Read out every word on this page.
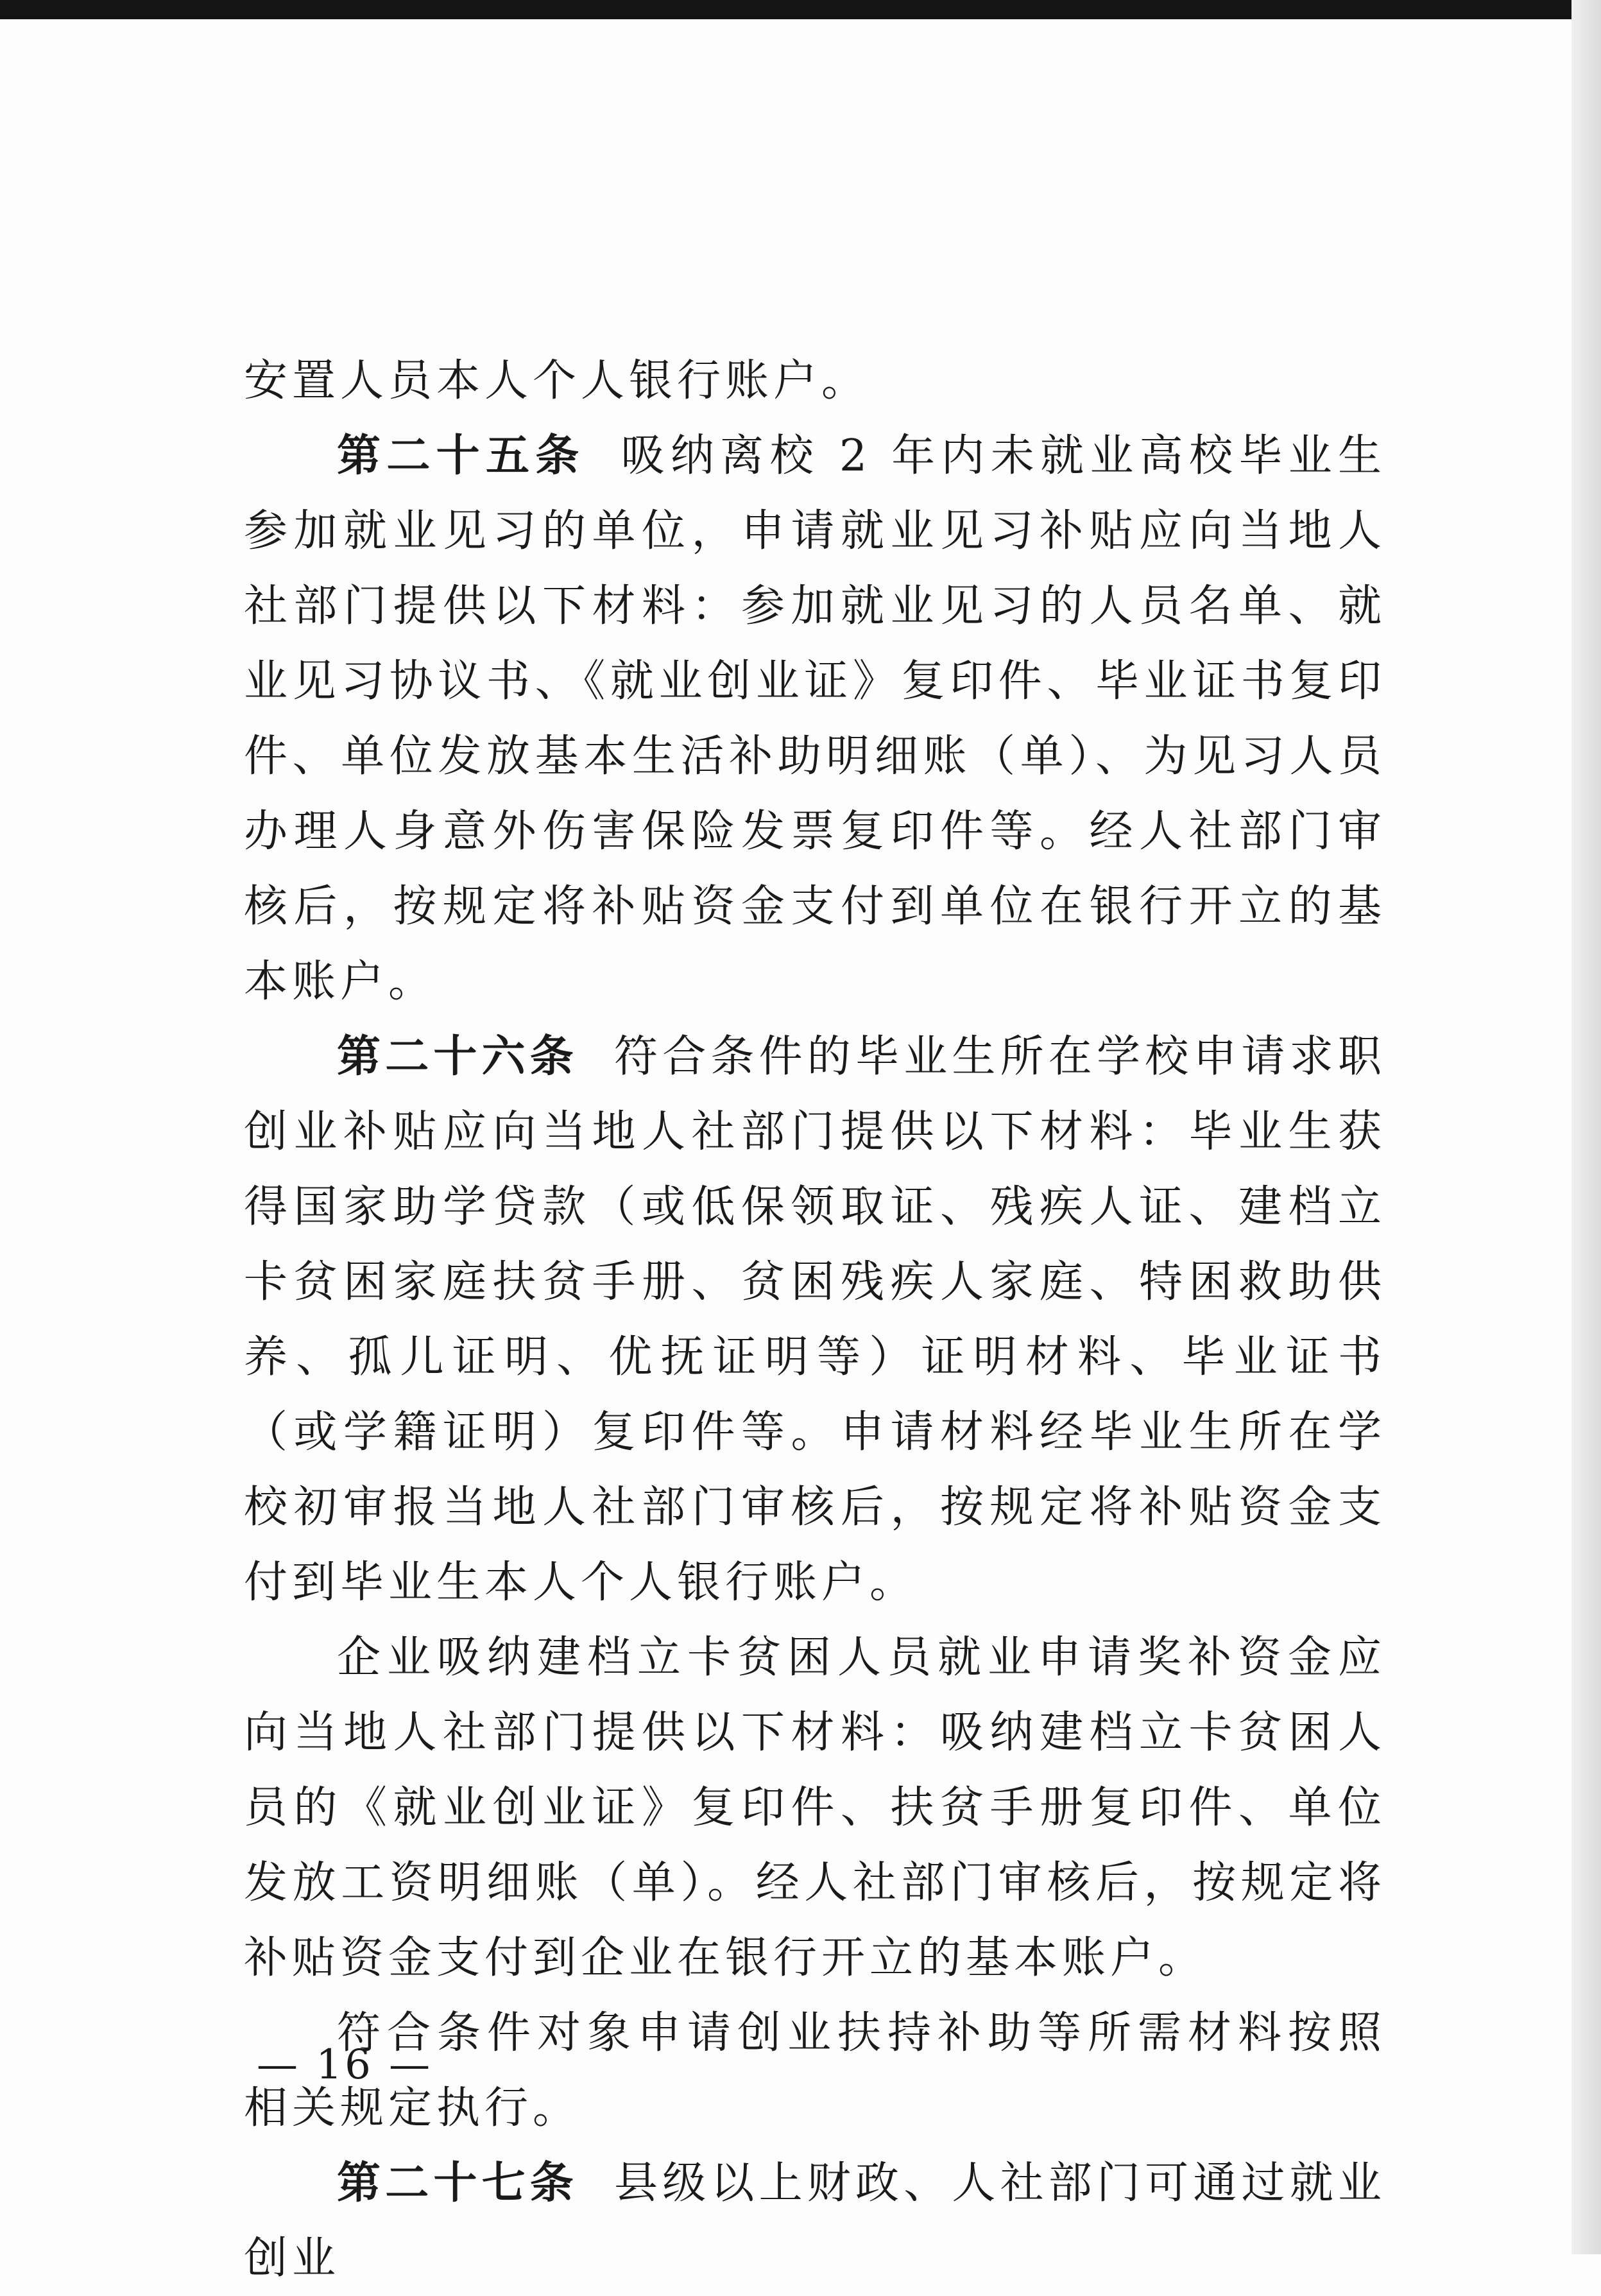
安置人员本人个人银行账户。

第二十五条 吸纳离校 2 年内未就业高校毕业生参加就业见习的单位，申请就业见习补贴应向当地人社部门提供以下材料：参加就业见习的人员名单、就业见习协议书、《就业创业证》复印件、毕业证书复印件、单位发放基本生活补助明细账（单）、为见习人员办理人身意外伤害保险发票复印件等。经人社部门审核后，按规定将补贴资金支付到单位在银行开立的基本账户。

第二十六条 符合条件的毕业生所在学校申请求职创业补贴应向当地人社部门提供以下材料：毕业生获得国家助学贷款（或低保领取证、残疾人证、建档立卡贫困家庭扶贫手册、贫困残疾人家庭、特困救助供养、孤儿证明、优抚证明等）证明材料、毕业证书（或学籍证明）复印件等。申请材料经毕业生所在学校初审报当地人社部门审核后，按规定将补贴资金支付到毕业生本人个人银行账户。

企业吸纳建档立卡贫困人员就业申请奖补资金应向当地人社部门提供以下材料：吸纳建档立卡贫困人员的《就业创业证》复印件、扶贫手册复印件、单位发放工资明细账（单）。经人社部门审核后，按规定将补贴资金支付到企业在银行开立的基本账户。

符合条件对象申请创业扶持补助等所需材料按照相关规定执行。

第二十七条 县级以上财政、人社部门可通过就业创业

— 16 —
